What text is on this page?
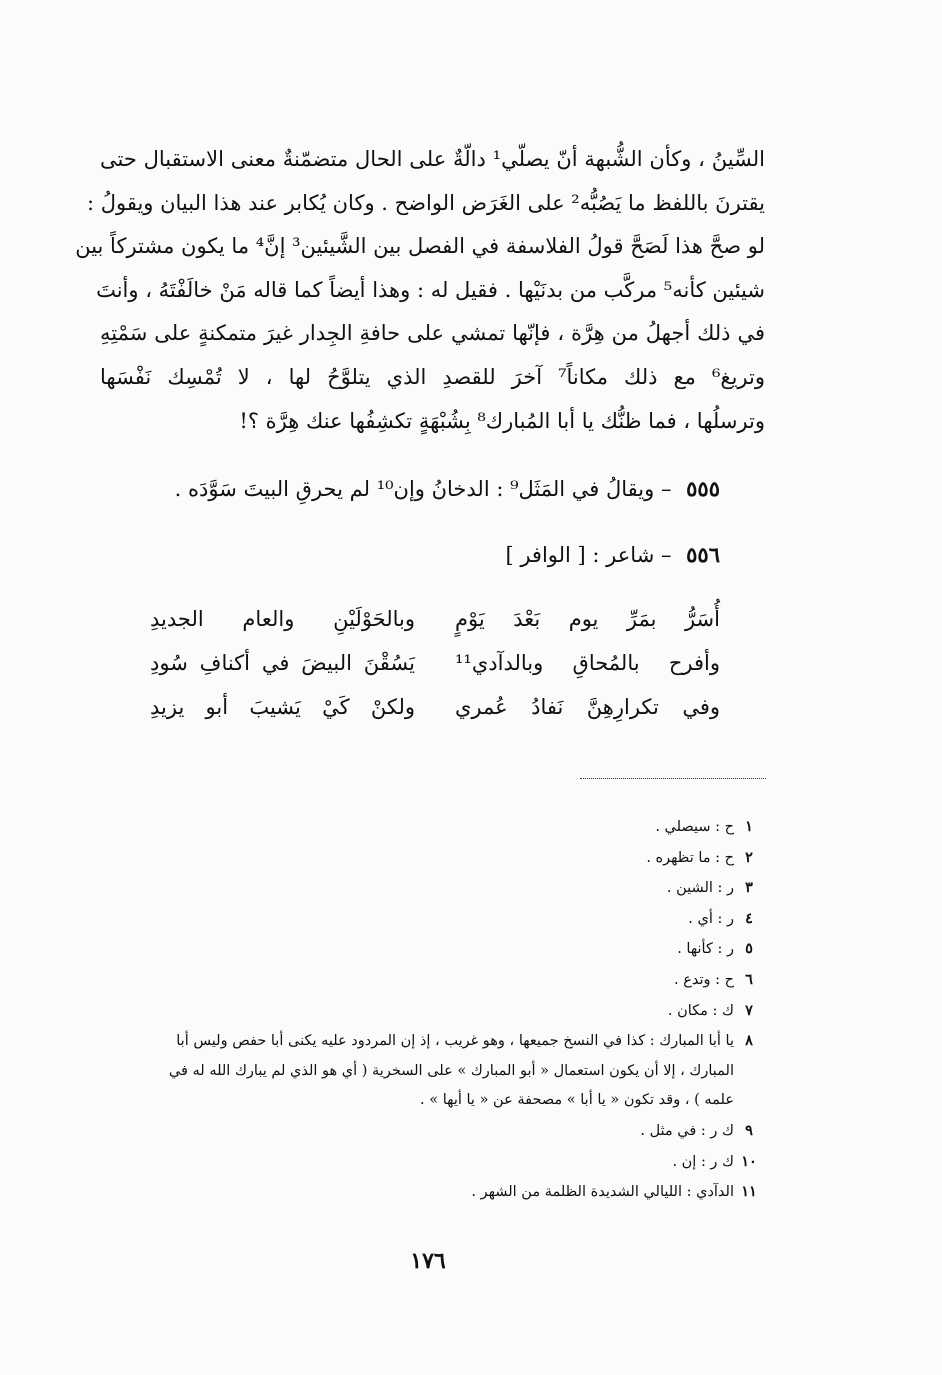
السِّينُ ، وكأن الشُّبهة أنّ يصلّي¹ دالّةٌ على الحال متضمّنةٌ معنى الاستقبال حتى
يقترنَ باللفظ ما يَصُبُّه² على الغَرَض الواضح . وكان يُكابر عند هذا البيان ويقولُ :
لو صحَّ هذا لَصَحَّ قولُ الفلاسفة في الفصل بين الشَّيئين³ إنَّ⁴ ما يكون مشتركاً بين
شيئين كأنه⁵ مركَّب من بدنَيْها . فقيل له : وهذا أيضاً كما قاله مَنْ خالَفْتَهُ ، وأنتَ
في ذلك أجهلُ من هِرَّة ، فإنّها تمشي على حافةِ الجِدار غيرَ متمكنةٍ على سَمْتِهِ
وتريغ⁶ مع ذلك مكاناً⁷ آخرَ للقصدِ الذي يتلوَّحُ لها ، لا تُمْسِك نَفْسَها
وترسلُها ، فما ظنُّك يا أبا المُبارك⁸ بِشُبْهَةٍ تكشِفُها عنك هِرَّة ؟!
٥٥٥ – ويقالُ في المَثَل⁹ : الدخانُ وإن¹⁰ لم يحرقِ البيتَ سَوَّدَه .
٥٥٦ – شاعر : [ الوافر ]
أُسَرُّ بمَرِّ يوم بَعْدَ يَوْمٍ
وبالحَوْلَيْنِ والعام الجديدِ
وأفرح بالمُحاقِ وبالدآدي¹¹
يَسُقْنَ البيضَ في أكنافِ سُودِ
وفي تكرارِهِنَّ نَفادُ عُمري
ولكنْ كَيْ يَشيبَ أبو يزيدِ
١ح : سيصلي .
٢ح : ما تظهره .
٣ر : الشين .
٤ر : أي .
٥ر : كأنها .
٦ح : وتدع .
٧ك : مكان .
٨يا أبا المبارك : كذا في النسخ جميعها ، وهو غريب ، إذ إن المردود عليه يكنى أبا حفص وليس أبا
المبارك ، إلا أن يكون استعمال « أبو المبارك » على السخرية ( أي هو الذي لم يبارك الله له في
علمه ) ، وقد تكون « يا أبا » مصحفة عن « يا أيها » .
٩ك ر : في مثل .
١٠ك ر : إن .
١١الدآدي : الليالي الشديدة الظلمة من الشهر .
١٧٦
